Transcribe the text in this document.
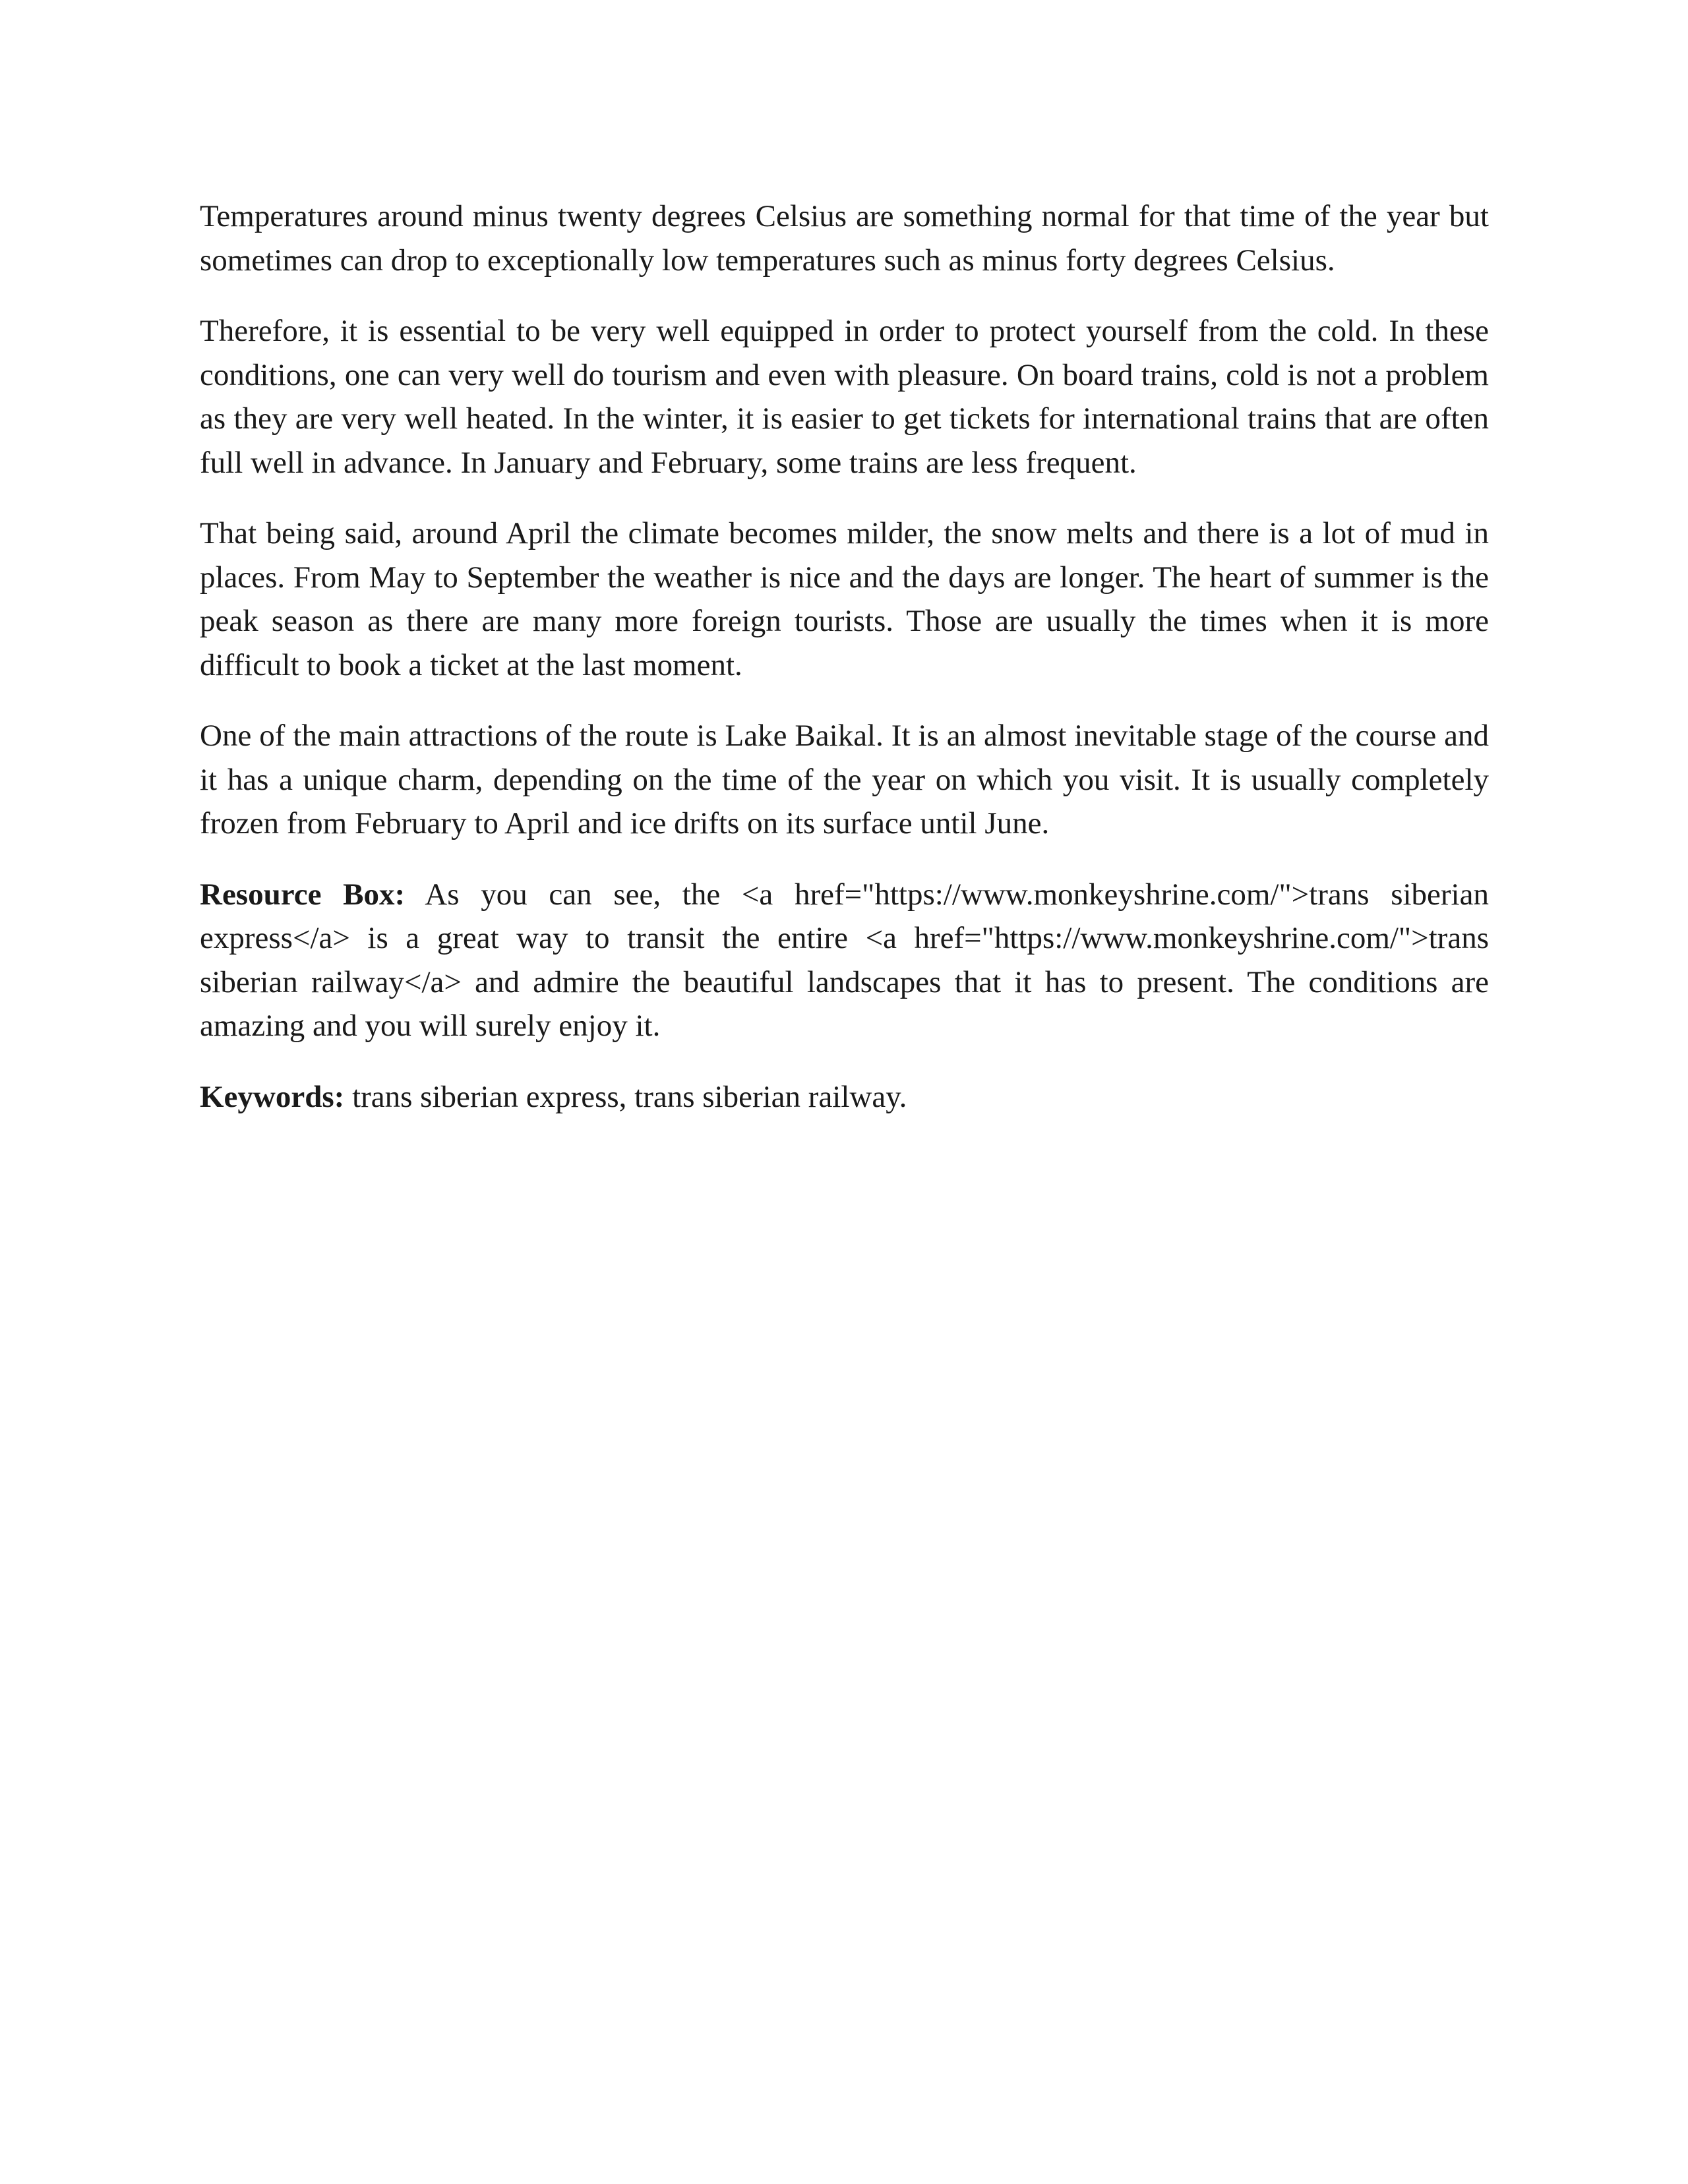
Temperatures around minus twenty degrees Celsius are something normal for that time of the year but sometimes can drop to exceptionally low temperatures such as minus forty degrees Celsius.

Therefore, it is essential to be very well equipped in order to protect yourself from the cold. In these conditions, one can very well do tourism and even with pleasure. On board trains, cold is not a problem as they are very well heated. In the winter, it is easier to get tickets for international trains that are often full well in advance. In January and February, some trains are less frequent.

That being said, around April the climate becomes milder, the snow melts and there is a lot of mud in places. From May to September the weather is nice and the days are longer. The heart of summer is the peak season as there are many more foreign tourists. Those are usually the times when it is more difficult to book a ticket at the last moment.

One of the main attractions of the route is Lake Baikal. It is an almost inevitable stage of the course and it has a unique charm, depending on the time of the year on which you visit. It is usually completely frozen from February to April and ice drifts on its surface until June.

Resource Box: As you can see, the <a href="https://www.monkeyshrine.com/">trans siberian express</a> is a great way to transit the entire <a href="https://www.monkeyshrine.com/">trans siberian railway</a> and admire the beautiful landscapes that it has to present. The conditions are amazing and you will surely enjoy it.

Keywords: trans siberian express, trans siberian railway.
